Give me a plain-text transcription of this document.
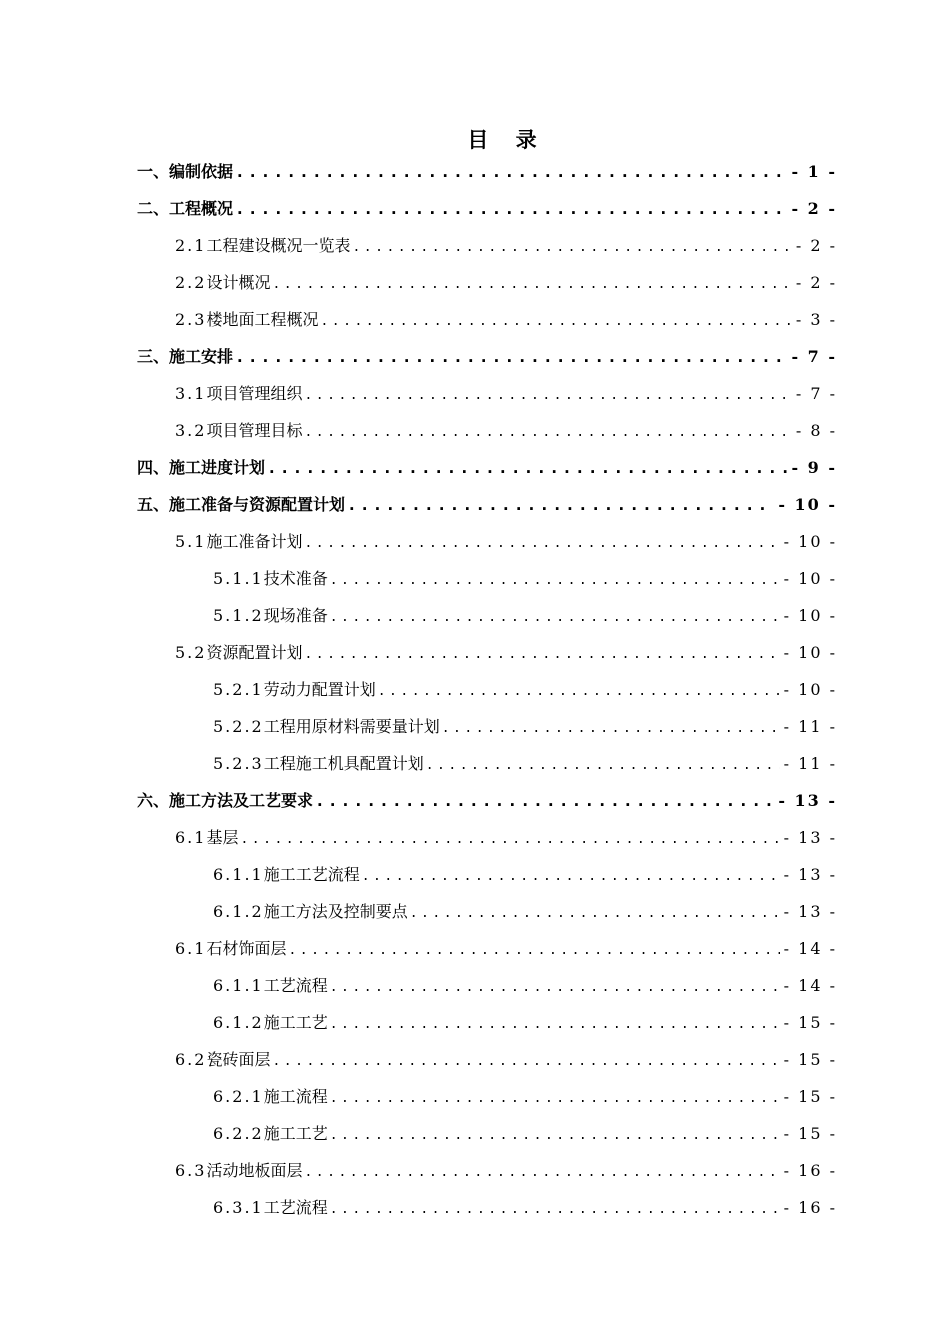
目 录
一、编制依据 .....	- 1 -
二、工程概况 .....	- 2 -
2.1 工程建设概况一览表 .....	- 2 -
2.2 设计概况 .....	- 2 -
2.3 楼地面工程概况 .....	- 3 -
三、施工安排 .....	- 7 -
3.1 项目管理组织 .....	- 7 -
3.2 项目管理目标 .....	- 8 -
四、施工进度计划 .....	- 9 -
五、施工准备与资源配置计划 .....	- 10 -
5.1 施工准备计划 .....	- 10 -
5.1.1 技术准备 .....	- 10 -
5.1.2 现场准备 .....	- 10 -
5.2 资源配置计划 .....	- 10 -
5.2.1 劳动力配置计划 .....	- 10 -
5.2.2 工程用原材料需要量计划 .....	- 11 -
5.2.3 工程施工机具配置计划 .....	- 11 -
六、施工方法及工艺要求 .....	- 13 -
6.1 基层 .....	- 13 -
6.1.1 施工工艺流程 .....	- 13 -
6.1.2 施工方法及控制要点 .....	- 13 -
6.1 石材饰面层 .....	- 14 -
6.1.1 工艺流程 .....	- 14 -
6.1.2 施工工艺 .....	- 15 -
6.2 瓷砖面层 .....	- 15 -
6.2.1 施工流程 .....	- 15 -
6.2.2 施工工艺 .....	- 15 -
6.3 活动地板面层 .....	- 16 -
6.3.1 工艺流程 .....	- 16 -
